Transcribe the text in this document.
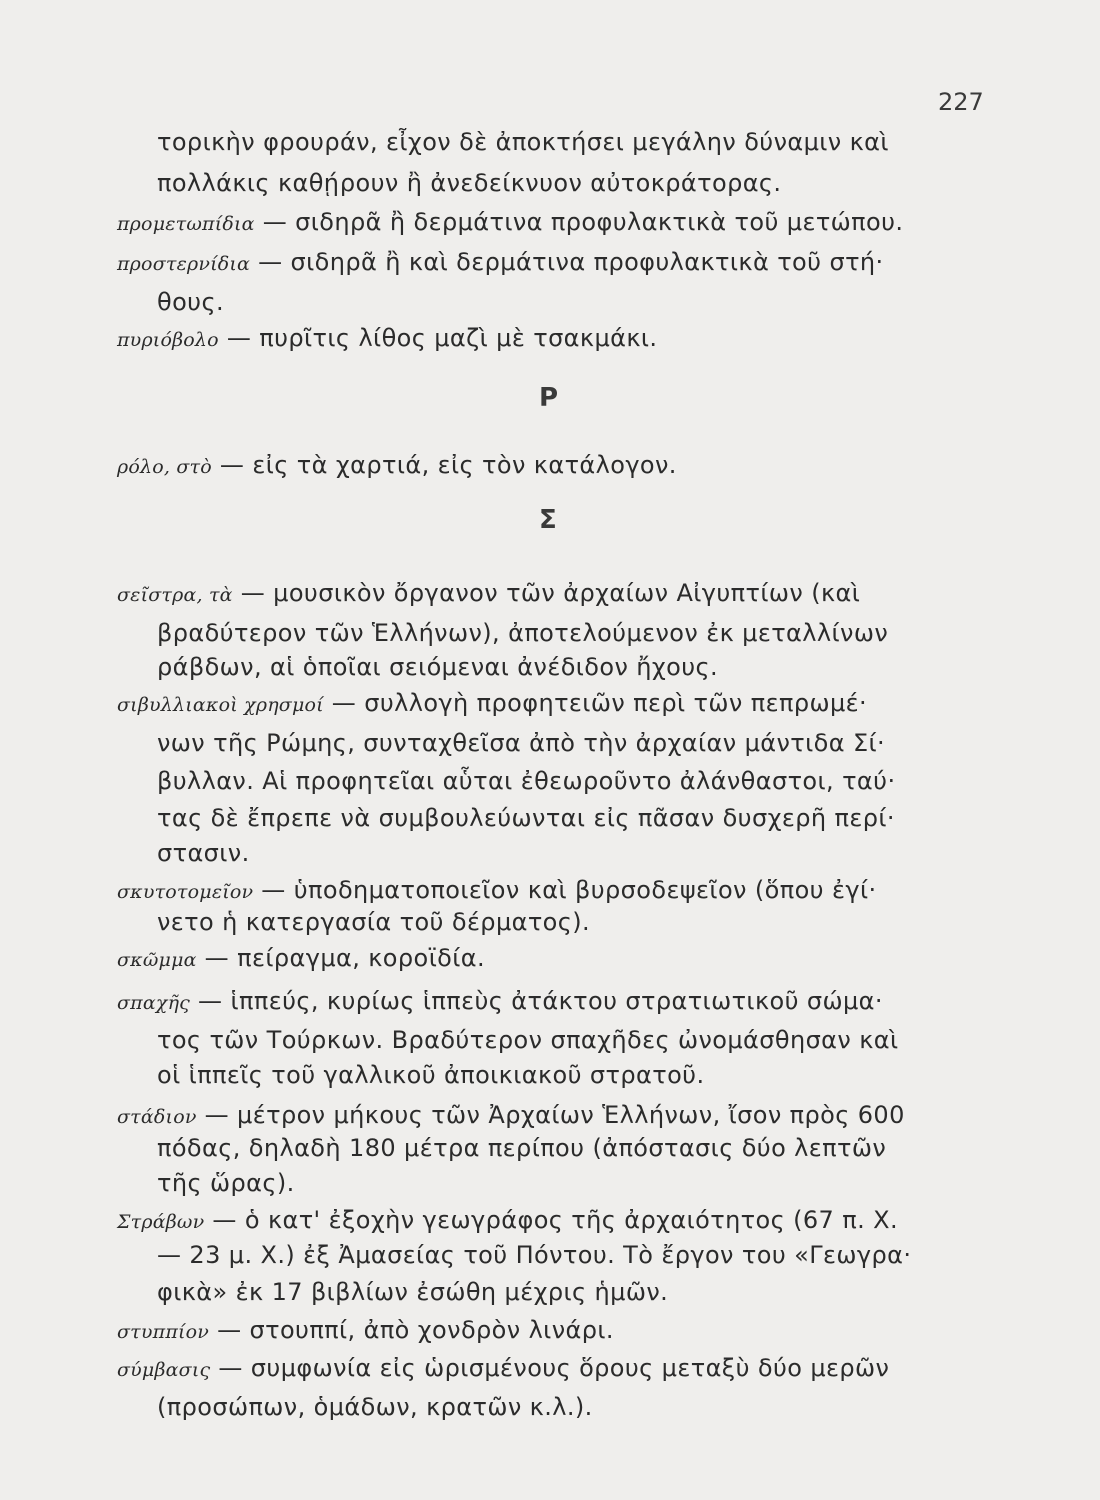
227
Ρ
Σ
τορικὴν φρουράν, εἶχον δὲ ἀποκτήσει μεγάλην δύναμιν καὶ
πολλάκις καθῄρουν ἢ ἀνεδείκνυον αὐτοκράτορας.
προμετωπίδια — σιδηρᾶ ἢ δερμάτινα προφυλακτικὰ τοῦ μετώπου.
προστερνίδια — σιδηρᾶ ἢ καὶ δερμάτινα προφυλακτικὰ τοῦ στή·
θους.
πυριόβολο — πυρῖτις λίθος μαζὶ μὲ τσακμάκι.
ρόλο, στὸ — εἰς τὰ χαρτιά, εἰς τὸν κατάλογον.
σεῖστρα, τὰ — μουσικὸν ὄργανον τῶν ἀρχαίων Αἰγυπτίων (καὶ
βραδύτερον τῶν Ἑλλήνων), ἀποτελούμενον ἐκ μεταλλίνων
ράβδων, αἱ ὁποῖαι σειόμεναι ἀνέδιδον ἤχους.
σιβυλλιακοὶ χρησμοί — συλλογὴ προφητειῶν περὶ τῶν πεπρωμέ·
νων τῆς Ρώμης, συνταχθεῖσα ἀπὸ τὴν ἀρχαίαν μάντιδα Σί·
βυλλαν. Αἱ προφητεῖαι αὗται ἐθεωροῦντο ἀλάνθαστοι, ταύ·
τας δὲ ἔπρεπε νὰ συμβουλεύωνται εἰς πᾶσαν δυσχερῆ περί·
στασιν.
σκυτοτομεῖον — ὑποδηματοποιεῖον καὶ βυρσοδεψεῖον (ὅπου ἐγί·
νετο ἡ κατεργασία τοῦ δέρματος).
σκῶμμα — πείραγμα, κοροϊδία.
σπαχῆς — ἱππεύς, κυρίως ἱππεὺς ἀτάκτου στρατιωτικοῦ σώμα·
τος τῶν Τούρκων. Βραδύτερον σπαχῆδες ὠνομάσθησαν καὶ
οἱ ἱππεῖς τοῦ γαλλικοῦ ἀποικιακοῦ στρατοῦ.
στάδιον — μέτρον μήκους τῶν Ἀρχαίων Ἑλλήνων, ἴσον πρὸς 600
πόδας, δηλαδὴ 180 μέτρα περίπου (ἀπόστασις δύο λεπτῶν
τῆς ὥρας).
Στράβων — ὁ κατ' ἐξοχὴν γεωγράφος τῆς ἀρχαιότητος (67 π. Χ.
— 23 μ. Χ.) ἐξ Ἀμασείας τοῦ Πόντου. Τὸ ἔργον του «Γεωγρα·
φικὰ» ἐκ 17 βιβλίων ἐσώθη μέχρις ἡμῶν.
στυππίον — στουππί, ἀπὸ χονδρὸν λινάρι.
σύμβασις — συμφωνία εἰς ὡρισμένους ὅρους μεταξὺ δύο μερῶν
(προσώπων, ὁμάδων, κρατῶν κ.λ.).
